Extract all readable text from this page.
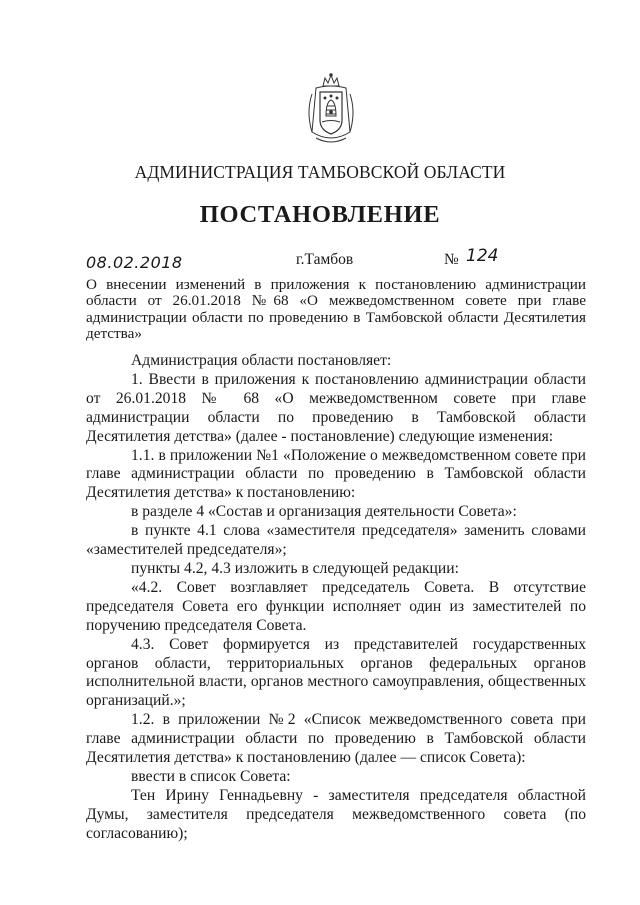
АДМИНИСТРАЦИЯ ТАМБОВСКОЙ ОБЛАСТИ
ПОСТАНОВЛЕНИЕ
08.02.2018	г.Тамбов	№ 124
О внесении изменений в приложения к постановлению администрации области от 26.01.2018 №68 «О межведомственном совете при главе администрации области по проведению в Тамбовской области Десятилетия детства»

Администрация области постановляет:

1. Ввести в приложения к постановлению администрации области от 26.01.2018 № 68 «О межведомственном совете при главе администрации области по проведению в Тамбовской области Десятилетия детства» (далее - постановление) следующие изменения:

1.1. в приложении №1 «Положение о межведомственном совете при главе администрации области по проведению в Тамбовской области Десятилетия детства» к постановлению:

в разделе 4 «Состав и организация деятельности Совета»:

в пункте 4.1 слова «заместителя председателя» заменить словами «заместителей председателя»;

пункты 4.2, 4.3 изложить в следующей редакции:

«4.2. Совет возглавляет председатель Совета. В отсутствие председателя Совета его функции исполняет один из заместителей по поручению председателя Совета.

4.3. Совет формируется из представителей государственных органов области, территориальных органов федеральных органов исполнительной власти, органов местного самоуправления, общественных организаций.»;

1.2. в приложении №2 «Список межведомственного совета при главе администрации области по проведению в Тамбовской области Десятилетия детства» к постановлению (далее — список Совета):

ввести в список Совета:

Тен Ирину Геннадьевну - заместителя председателя областной Думы, заместителя председателя межведомственного совета (по согласованию);
